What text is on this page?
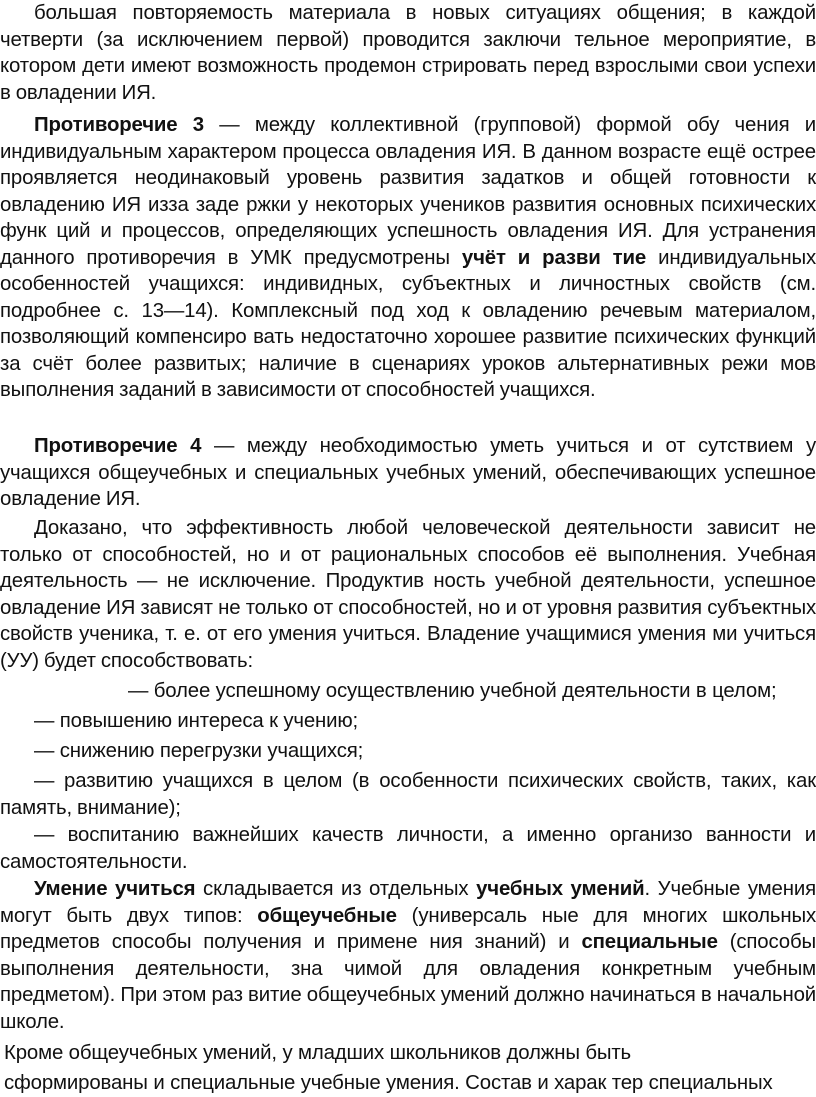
большая повторяемость материала в новых ситуациях общения; в каждой четверти (за исключением первой) проводится заключи тельное мероприятие, в котором дети имеют возможность продемон стрировать перед взрослыми свои успехи в овладении ИЯ.

Противоречие 3 — между коллективной (групповой) формой обу чения и индивидуальным характером процесса овладения ИЯ. В данном возрасте ещё острее проявляется неодинаковый уровень развития задатков и общей готовности к овладению ИЯ изза заде ржки у некоторых учеников развития основных психических функ ций и процессов, определяющих успешность овладения ИЯ. Для устранения данного противоречия в УМК предусмотрены учёт и разви тие индивидуальных особенностей учащихся: индивидных, субъектных и личностных свойств (см. подробнее с. 13—14). Комплексный под ход к овладению речевым материалом, позволяющий компенсиро вать недостаточно хорошее развитие психических функций за счёт более развитых; наличие в сценариях уроков альтернативных режи мов выполнения заданий в зависимости от способностей учащихся.

Противоречие 4 — между необходимостью уметь учиться и от сутствием у учащихся общеучебных и специальных учебных умений, обеспечивающих успешное овладение ИЯ.

Доказано, что эффективность любой человеческой деятельности зависит не только от способностей, но и от рациональных способов её выполнения. Учебная деятельность — не исключение. Продуктив ность учебной деятельности, успешное овладение ИЯ зависят не только от способностей, но и от уровня развития субъектных свойств ученика, т. е. от его умения учиться. Владение учащимися умения ми учиться (УУ) будет способствовать:

— более успешному осуществлению учебной деятельности в целом;
— повышению интереса к учению;
— снижению перегрузки учащихся;

— развитию учащихся в целом (в особенности психических свойств, таких, как память, внимание);

— воспитанию важнейших качеств личности, а именно организо ванности и самостоятельности.

Умение учиться складывается из отдельных учебных умений. Учебные умения могут быть двух типов: общеучебные (универсаль ные для многих школьных предметов способы получения и примене ния знаний) и специальные (способы выполнения деятельности, зна чимой для овладения конкретным учебным предметом). При этом раз витие общеучебных умений должно начинаться в начальной школе.

Кроме общеучебных умений, у младших школьников должны быть
сформированы и специальные учебные умения. Состав и харак тер специальных
